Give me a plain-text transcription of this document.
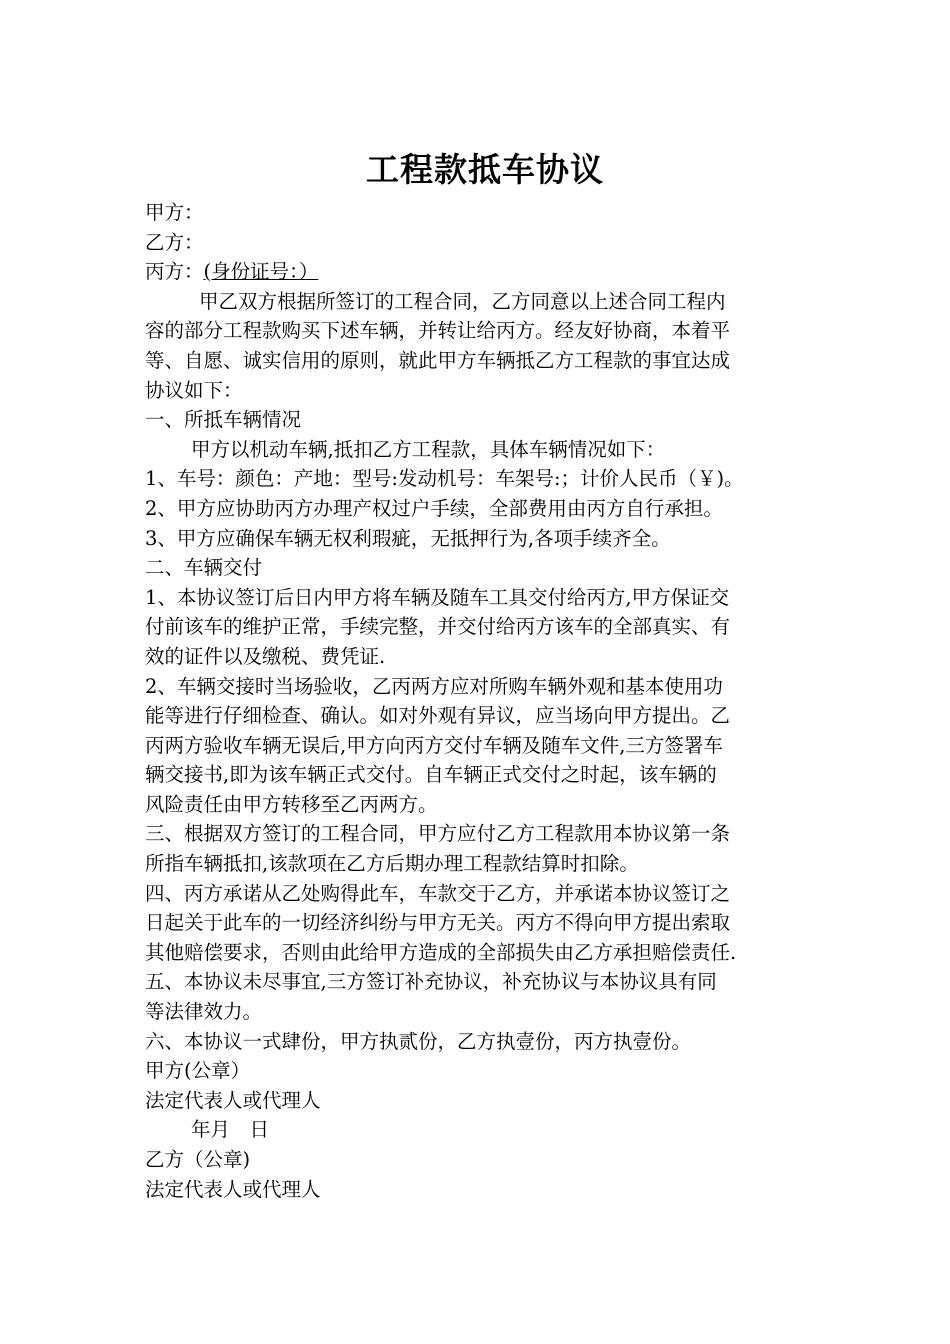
工程款抵车协议
甲方：
乙方：
丙方：(身份证号：）
甲乙双方根据所签订的工程合同，乙方同意以上述合同工程内
容的部分工程款购买下述车辆，并转让给丙方。经友好协商，本着平
等、自愿、诚实信用的原则，就此甲方车辆抵乙方工程款的事宜达成
协议如下：
一、所抵车辆情况
甲方以机动车辆,抵扣乙方工程款，具体车辆情况如下：
1、车号：颜色：产地：型号:发动机号：车架号:；计价人民币（￥)。
2、甲方应协助丙方办理产权过户手续，全部费用由丙方自行承担。
3、甲方应确保车辆无权利瑕疵，无抵押行为,各项手续齐全。
二、车辆交付
1、本协议签订后日内甲方将车辆及随车工具交付给丙方,甲方保证交
付前该车的维护正常，手续完整，并交付给丙方该车的全部真实、有
效的证件以及缴税、费凭证.
2、车辆交接时当场验收，乙丙两方应对所购车辆外观和基本使用功
能等进行仔细检查、确认。如对外观有异议，应当场向甲方提出。乙
丙两方验收车辆无误后,甲方向丙方交付车辆及随车文件,三方签署车
辆交接书,即为该车辆正式交付。自车辆正式交付之时起，该车辆的
风险责任由甲方转移至乙丙两方。
三、根据双方签订的工程合同，甲方应付乙方工程款用本协议第一条
所指车辆抵扣,该款项在乙方后期办理工程款结算时扣除。
四、丙方承诺从乙处购得此车，车款交于乙方，并承诺本协议签订之
日起关于此车的一切经济纠纷与甲方无关。丙方不得向甲方提出索取
其他赔偿要求，否则由此给甲方造成的全部损失由乙方承担赔偿责任.
五、本协议未尽事宜,三方签订补充协议，补充协议与本协议具有同
等法律效力。
六、本协议一式肆份，甲方执贰份，乙方执壹份，丙方执壹份。
甲方(公章）
法定代表人或代理人
年月　日
乙方（公章)
法定代表人或代理人
